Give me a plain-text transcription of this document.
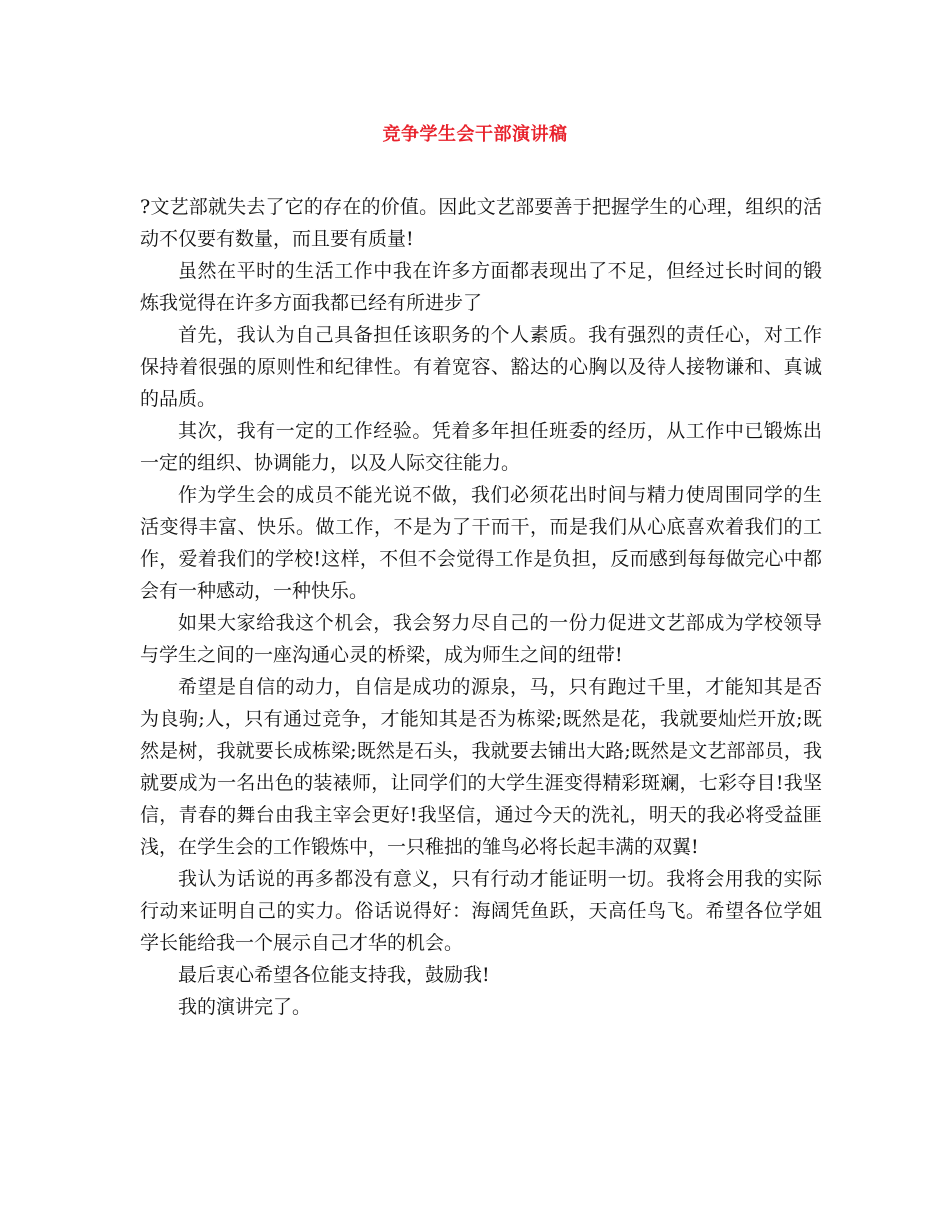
竞争学生会干部演讲稿

?文艺部就失去了它的存在的价值。因此文艺部要善于把握学生的心理，组织的活动不仅要有数量，而且要有质量!

虽然在平时的生活工作中我在许多方面都表现出了不足，但经过长时间的锻炼我觉得在许多方面我都已经有所进步了

首先，我认为自己具备担任该职务的个人素质。我有强烈的责任心，对工作保持着很强的原则性和纪律性。有着宽容、豁达的心胸以及待人接物谦和、真诚的品质。

其次，我有一定的工作经验。凭着多年担任班委的经历，从工作中已锻炼出一定的组织、协调能力，以及人际交往能力。

作为学生会的成员不能光说不做，我们必须花出时间与精力使周围同学的生活变得丰富、快乐。做工作，不是为了干而干，而是我们从心底喜欢着我们的工作，爱着我们的学校!这样，不但不会觉得工作是负担，反而感到每每做完心中都会有一种感动，一种快乐。

如果大家给我这个机会，我会努力尽自己的一份力促进文艺部成为学校领导与学生之间的一座沟通心灵的桥梁，成为师生之间的纽带!

希望是自信的动力，自信是成功的源泉，马，只有跑过千里，才能知其是否为良驹;人，只有通过竞争，才能知其是否为栋梁;既然是花，我就要灿烂开放;既然是树，我就要长成栋梁;既然是石头，我就要去铺出大路;既然是文艺部部员，我就要成为一名出色的装裱师，让同学们的大学生涯变得精彩斑斓，七彩夺目!我坚信，青春的舞台由我主宰会更好!我坚信，通过今天的洗礼，明天的我必将受益匪浅，在学生会的工作锻炼中，一只稚拙的雏鸟必将长起丰满的双翼!

我认为话说的再多都没有意义，只有行动才能证明一切。我将会用我的实际行动来证明自己的实力。俗话说得好：海阔凭鱼跃，天高任鸟飞。希望各位学姐学长能给我一个展示自己才华的机会。

最后衷心希望各位能支持我，鼓励我!

我的演讲完了。
